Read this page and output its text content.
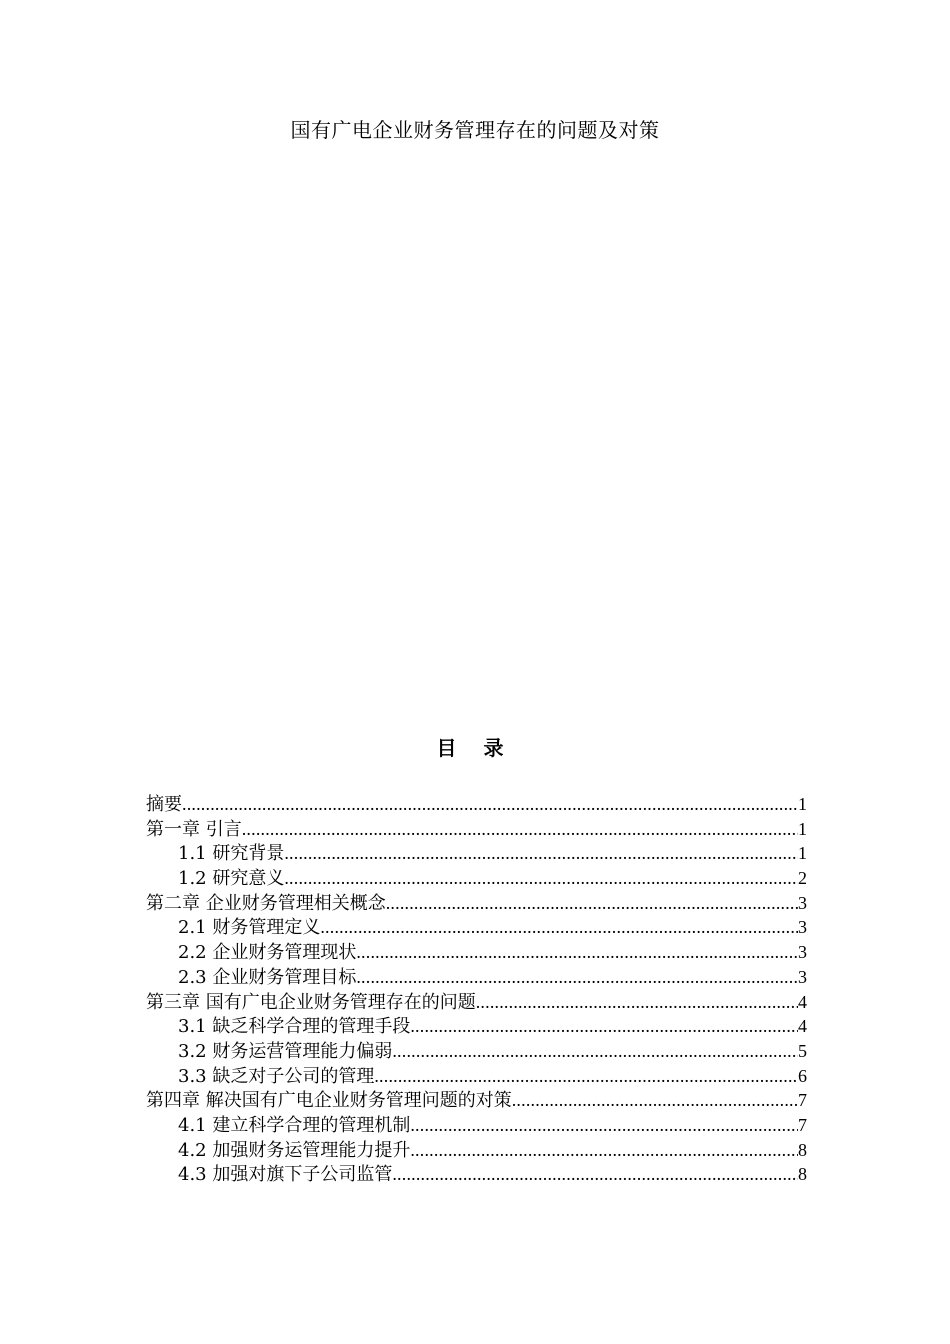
国有广电企业财务管理存在的问题及对策
目 录
摘要 .....	1
第一章 引言 .....	1
1.1 研究背景 .....	1
1.2 研究意义 .....	2
第二章 企业财务管理相关概念 .....	3
2.1 财务管理定义 .....	3
2.2 企业财务管理现状 .....	3
2.3 企业财务管理目标 .....	3
第三章 国有广电企业财务管理存在的问题 .....	4
3.1 缺乏科学合理的管理手段 .....	4
3.2 财务运营管理能力偏弱 .....	5
3.3 缺乏对子公司的管理 .....	6
第四章 解决国有广电企业财务管理问题的对策 .....	7
4.1 建立科学合理的管理机制 .....	7
4.2 加强财务运管理能力提升 .....	8
4.3 加强对旗下子公司监管 .....	8
